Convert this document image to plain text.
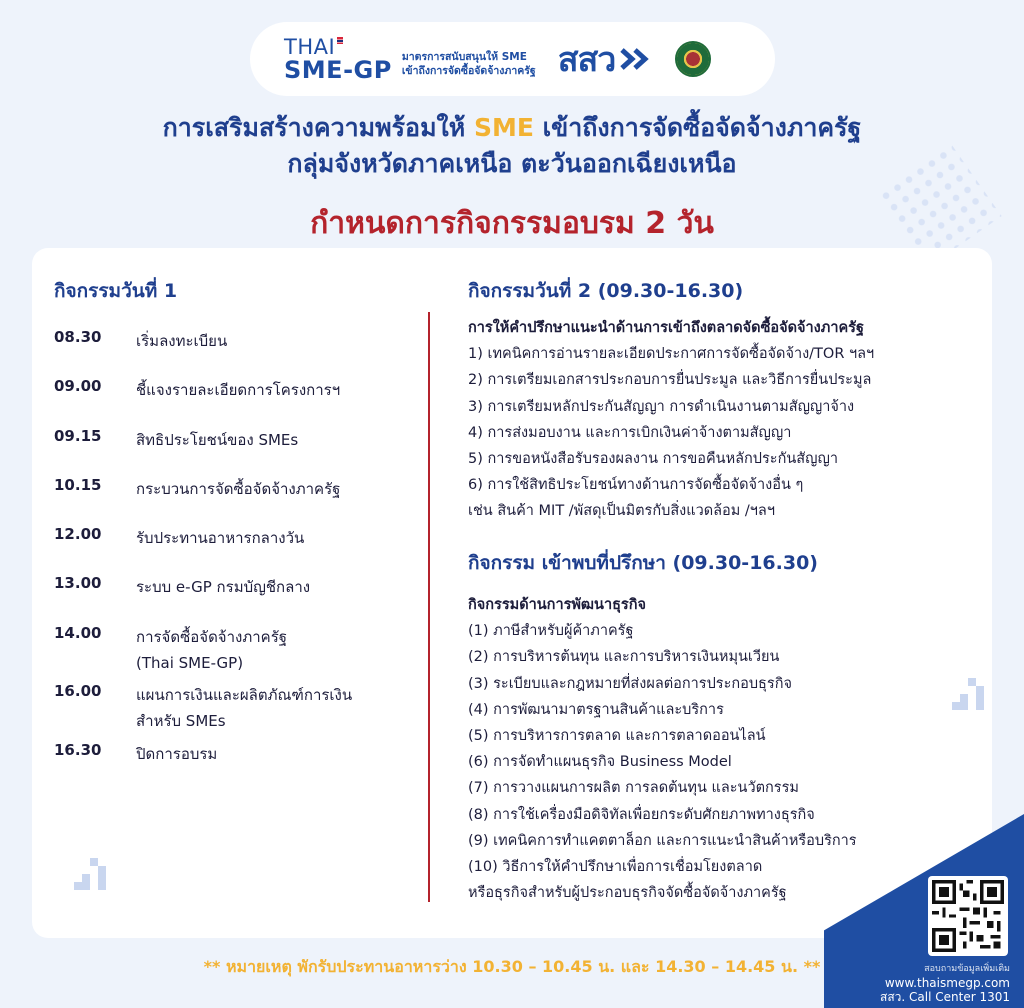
THAI
SME-GP มาตรการสนับสนุนให้ SME
เข้าถึงการจัดซื้อจัดจ้างภาครัฐ สสว
การเสริมสร้างความพร้อมให้ SME เข้าถึงการจัดซื้อจัดจ้างภาครัฐ
กลุ่มจังหวัดภาคเหนือ ตะวันออกเฉียงเหนือ
กำหนดการกิจกรรมอบรม 2 วัน
กิจกรรมวันที่ 1
08.30	เริ่มลงทะเบียน
09.00	ชี้แจงรายละเอียดการโครงการฯ
09.15	สิทธิประโยชน์ของ SMEs
10.15	กระบวนการจัดซื้อจัดจ้างภาครัฐ
12.00	รับประทานอาหารกลางวัน
13.00	ระบบ e-GP กรมบัญชีกลาง
14.00	การจัดซื้อจัดจ้างภาครัฐ
(Thai SME-GP)
16.00	แผนการเงินและผลิตภัณฑ์การเงิน
สำหรับ SMEs
16.30	ปิดการอบรม
กิจกรรมวันที่ 2 (09.30-16.30)
การให้คำปรึกษาแนะนำด้านการเข้าถึงตลาดจัดซื้อจัดจ้างภาครัฐ
1) เทคนิคการอ่านรายละเอียดประกาศการจัดซื้อจัดจ้าง/TOR ฯลฯ
2) การเตรียมเอกสารประกอบการยื่นประมูล และวิธีการยื่นประมูล
3) การเตรียมหลักประกันสัญญา การดำเนินงานตามสัญญาจ้าง
4) การส่งมอบงาน และการเบิกเงินค่าจ้างตามสัญญา
5) การขอหนังสือรับรองผลงาน การขอคืนหลักประกันสัญญา
6) การใช้สิทธิประโยชน์ทางด้านการจัดซื้อจัดจ้างอื่น ๆ
เช่น สินค้า MIT /พัสดุเป็นมิตรกับสิ่งแวดล้อม /ฯลฯ
กิจกรรม เข้าพบที่ปรึกษา (09.30-16.30)
กิจกรรมด้านการพัฒนาธุรกิจ
(1) ภาษีสำหรับผู้ค้าภาครัฐ
(2) การบริหารต้นทุน และการบริหารเงินหมุนเวียน
(3) ระเบียบและกฎหมายที่ส่งผลต่อการประกอบธุรกิจ
(4) การพัฒนามาตรฐานสินค้าและบริการ
(5) การบริหารการตลาด และการตลาดออนไลน์
(6) การจัดทำแผนธุรกิจ Business Model
(7) การวางแผนการผลิต การลดต้นทุน และนวัตกรรม
(8) การใช้เครื่องมือดิจิทัลเพื่อยกระดับศักยภาพทางธุรกิจ
(9) เทคนิคการทำแคตตาล็อก และการแนะนำสินค้าหรือบริการ
(10) วิธีการให้คำปรึกษาเพื่อการเชื่อมโยงตลาด
หรือธุรกิจสำหรับผู้ประกอบธุรกิจจัดซื้อจัดจ้างภาครัฐ
** หมายเหตุ พักรับประทานอาหารว่าง 10.30 – 10.45 น. และ 14.30 – 14.45 น. **	สอบถามข้อมูลเพิ่มเติม
www.thaismegp.com
สสว. Call Center 1301
